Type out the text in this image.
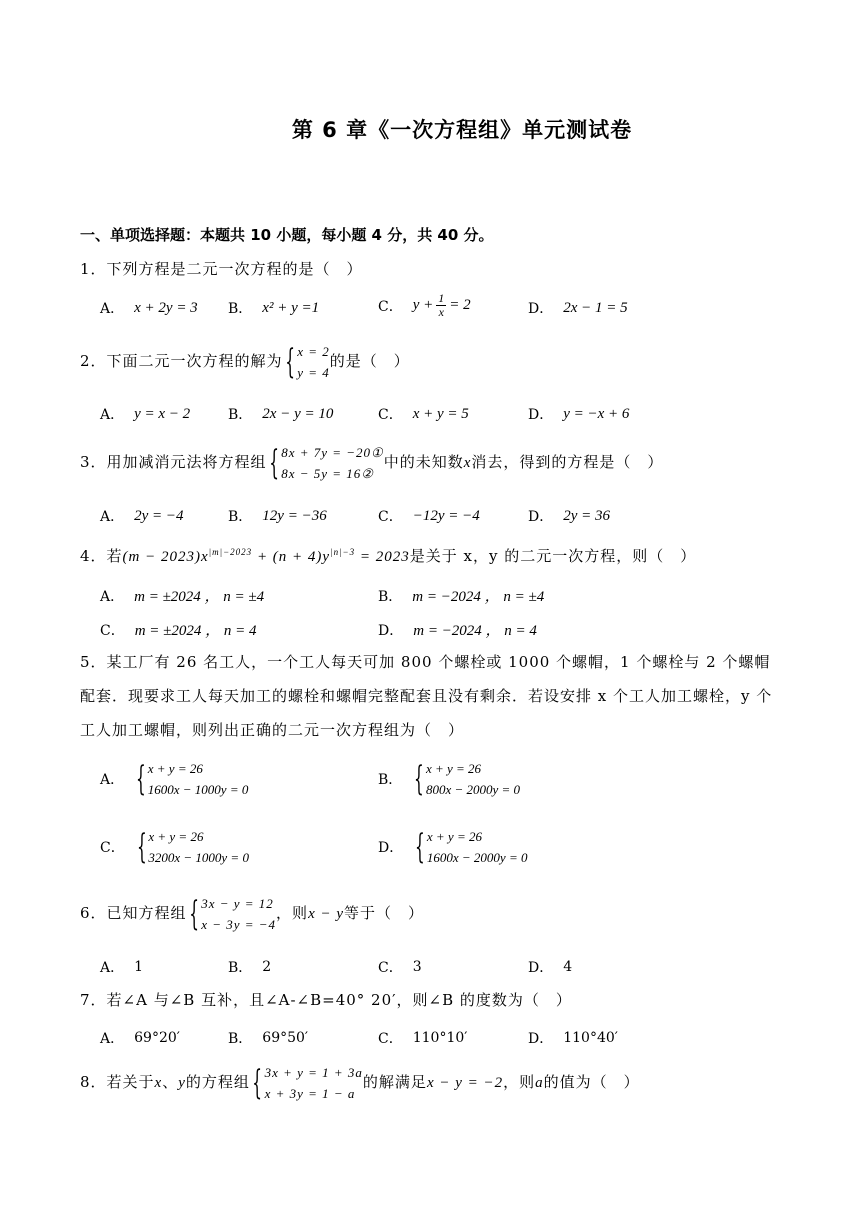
第 6 章《一次方程组》单元测试卷
一、单项选择题：本题共 10 小题，每小题 4 分，共 40 分。
1．下列方程是二元一次方程的是（　）
A． x + 2y = 3 B． x² + y =1	C． $y + \frac{1}{x} = 2$	D． 2x − 1 = 5
2．下面二元一次方程的解为 { x = 2
y = 4
的是（　）
A． y = x − 2	B． 2x − y = 10	C． x + y = 5	D． y = −x + 6
3．用加减消元法将方程组 { 8x + 7y = −20①
8x − 5y = 16②
中的未知数x消去，得到的方程是（　）
A． 2y = −4	B． 12y = −36	C． −12y = −4	D． 2y = 36
4．若$(m - 2023)x^{|m|-2023} + (n + 4)y^{|n|-3} = 2023$是关于 x，y 的二元一次方程，则（　）
A． m = ±2024 ， n = ±4	B． m = −2024 ， n = ±4
C． m = ±2024 ， n = 4	D． m = −2024 ， n = 4
5．某工厂有 26 名工人，一个工人每天可加 800 个螺栓或 1000 个螺帽，1 个螺栓与 2 个螺帽配套．现要求工人每天加工的螺栓和螺帽完整配套且没有剩余．若设安排 x 个工人加工螺栓，y 个工人加工螺帽，则列出正确的二元一次方程组为（　）
A． { x + y = 26
1600x − 1000y = 0
B． { x + y = 26
800x − 2000y = 0
C． { x + y = 26
3200x − 1000y = 0
D． { x + y = 26
1600x − 2000y = 0
6．已知方程组 { 3x − y = 12
x − 3y = −4
，则x − y等于（　）
A． 1	B． 2	C． 3	D． 4
7．若∠A 与∠B 互补，且∠A-∠B=40° 20′，则∠B 的度数为（　）
A． 69°20′	B． 69°50′	C． 110°10′	D． 110°40′
8．若关于x、y的方程组 { 3x + y = 1 + 3a
x + 3y = 1 − a
的解满足x − y = −2，则a的值为（　）
